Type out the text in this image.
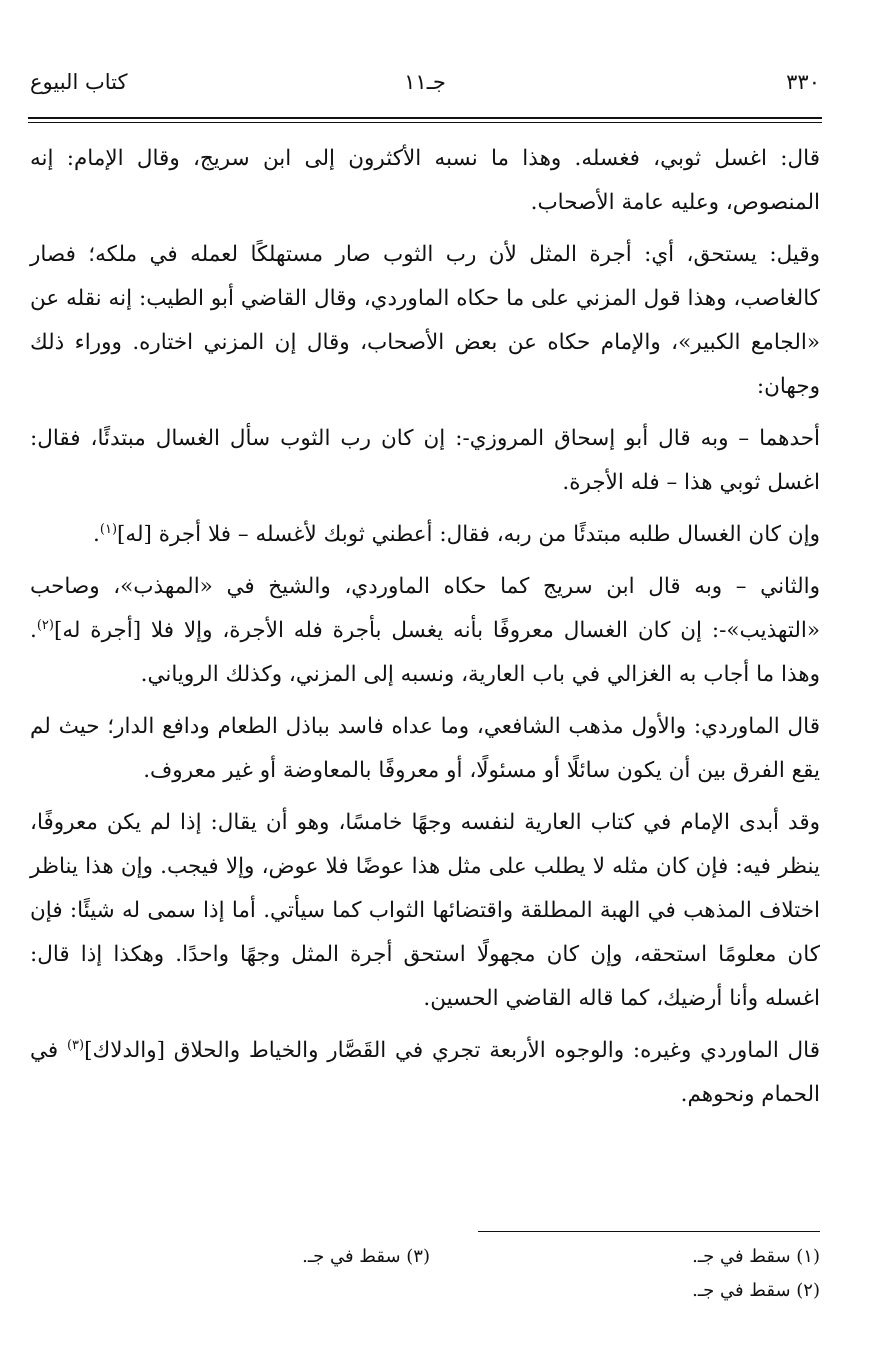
٣٣٠
جـ١١
كتاب البيوع

قال: اغسل ثوبي، فغسله. وهذا ما نسبه الأكثرون إلى ابن سريج، وقال الإمام: إنه المنصوص، وعليه عامة الأصحاب.

وقيل: يستحق، أي: أجرة المثل لأن رب الثوب صار مستهلكًا لعمله في ملكه؛ فصار كالغاصب، وهذا قول المزني على ما حكاه الماوردي، وقال القاضي أبو الطيب: إنه نقله عن «الجامع الكبير»، والإمام حكاه عن بعض الأصحاب، وقال إن المزني اختاره. ووراء ذلك وجهان:

أحدهما – وبه قال أبو إسحاق المروزي-: إن كان رب الثوب سأل الغسال مبتدئًا، فقال: اغسل ثوبي هذا – فله الأجرة.

وإن كان الغسال طلبه مبتدئًا من ربه، فقال: أعطني ثوبك لأغسله – فلا أجرة [له]$^{(١)}$.

والثاني – وبه قال ابن سريج كما حكاه الماوردي، والشيخ في «المهذب»، وصاحب «التهذيب»-: إن كان الغسال معروفًا بأنه يغسل بأجرة فله الأجرة، وإلا فلا [أجرة له]$^{(٢)}$. وهذا ما أجاب به الغزالي في باب العارية، ونسبه إلى المزني، وكذلك الروياني.

قال الماوردي: والأول مذهب الشافعي، وما عداه فاسد بباذل الطعام ودافع الدار؛ حيث لم يقع الفرق بين أن يكون سائلًا أو مسئولًا، أو معروفًا بالمعاوضة أو غير معروف.

وقد أبدى الإمام في كتاب العارية لنفسه وجهًا خامسًا، وهو أن يقال: إذا لم يكن معروفًا، ينظر فيه: فإن كان مثله لا يطلب على مثل هذا عوضًا فلا عوض، وإلا فيجب. وإن هذا يناظر اختلاف المذهب في الهبة المطلقة واقتضائها الثواب كما سيأتي. أما إذا سمى له شيئًا: فإن كان معلومًا استحقه، وإن كان مجهولًا استحق أجرة المثل وجهًا واحدًا. وهكذا إذا قال: اغسله وأنا أرضيك، كما قاله القاضي الحسين.

قال الماوردي وغيره: والوجوه الأربعة تجري في القَصَّار والخياط والحلاق [والدلاك]$^{(٣)}$ في الحمام ونحوهم.

(١) سقط في جـ.
(٣) سقط في جـ.
(٢) سقط في جـ.
